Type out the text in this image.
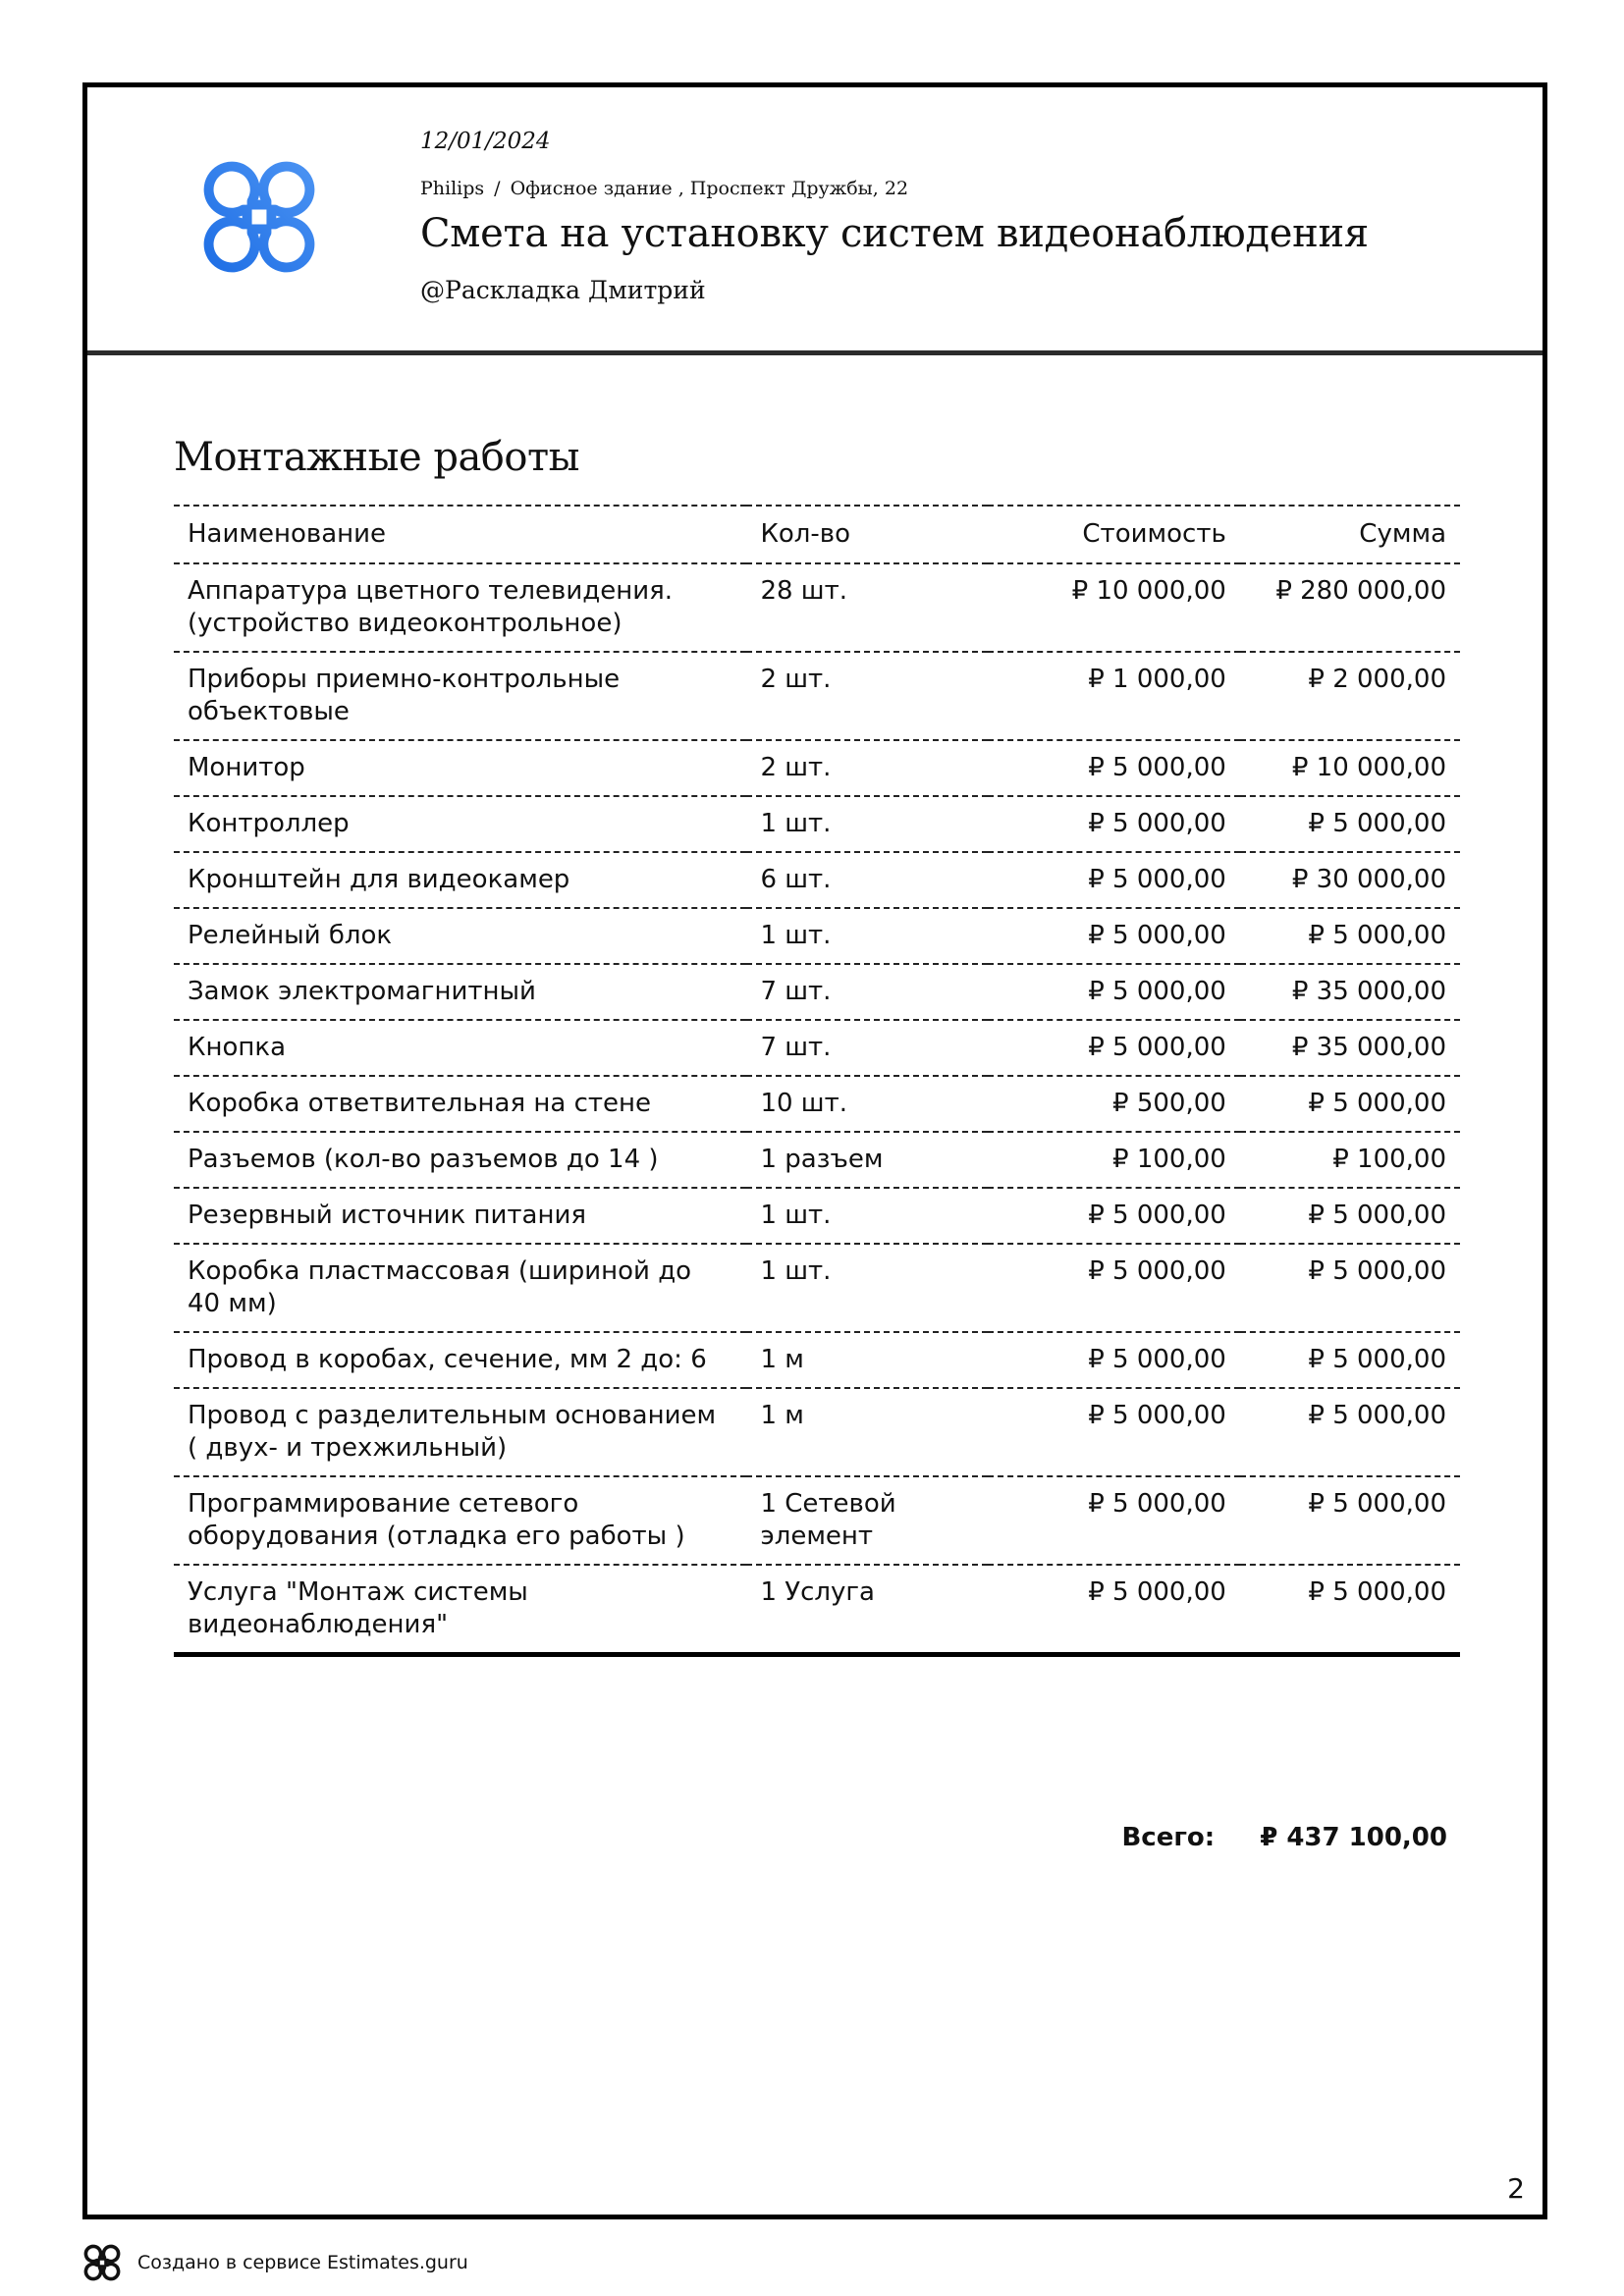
12/01/2024
Philips / Офисное здание , Проспект Дружбы, 22
Смета на установку систем видеонаблюдения
@Раскладка Дмитрий
Монтажные работы
Наименование	Кол-во	Стоимость	Сумма

Аппаратура цветного телевидения. (устройство видеоконтрольное)	28 шт.	₽ 10 000,00	₽ 280 000,00

Приборы приемно-контрольные объектовые	2 шт.	₽ 1 000,00	₽ 2 000,00

Монитор	2 шт.	₽ 5 000,00	₽ 10 000,00

Контроллер	1 шт.	₽ 5 000,00	₽ 5 000,00

Кронштейн для видеокамер	6 шт.	₽ 5 000,00	₽ 30 000,00

Релейный блок	1 шт.	₽ 5 000,00	₽ 5 000,00

Замок электромагнитный	7 шт.	₽ 5 000,00	₽ 35 000,00

Кнопка	7 шт.	₽ 5 000,00	₽ 35 000,00

Коробка ответвительная на стене	10 шт.	₽ 500,00	₽ 5 000,00

Разъемов (кол-во разъемов до 14 )	1 разъем	₽ 100,00	₽ 100,00

Резервный источник питания	1 шт.	₽ 5 000,00	₽ 5 000,00

Коробка пластмассовая (шириной до 40 мм)	1 шт.	₽ 5 000,00	₽ 5 000,00

Провод в коробах, сечение, мм 2 до: 6	1 м	₽ 5 000,00	₽ 5 000,00

Провод с разделительным основанием ( двух- и трехжильный)	1 м	₽ 5 000,00	₽ 5 000,00

Программирование сетевого оборудования (отладка его работы )	1 Сетевой элемент	₽ 5 000,00	₽ 5 000,00

Услуга "Монтаж системы видеонаблюдения"	1 Услуга	₽ 5 000,00	₽ 5 000,00
Всего: ₽ 437 100,00
2
Создано в сервисе Estimates.guru
